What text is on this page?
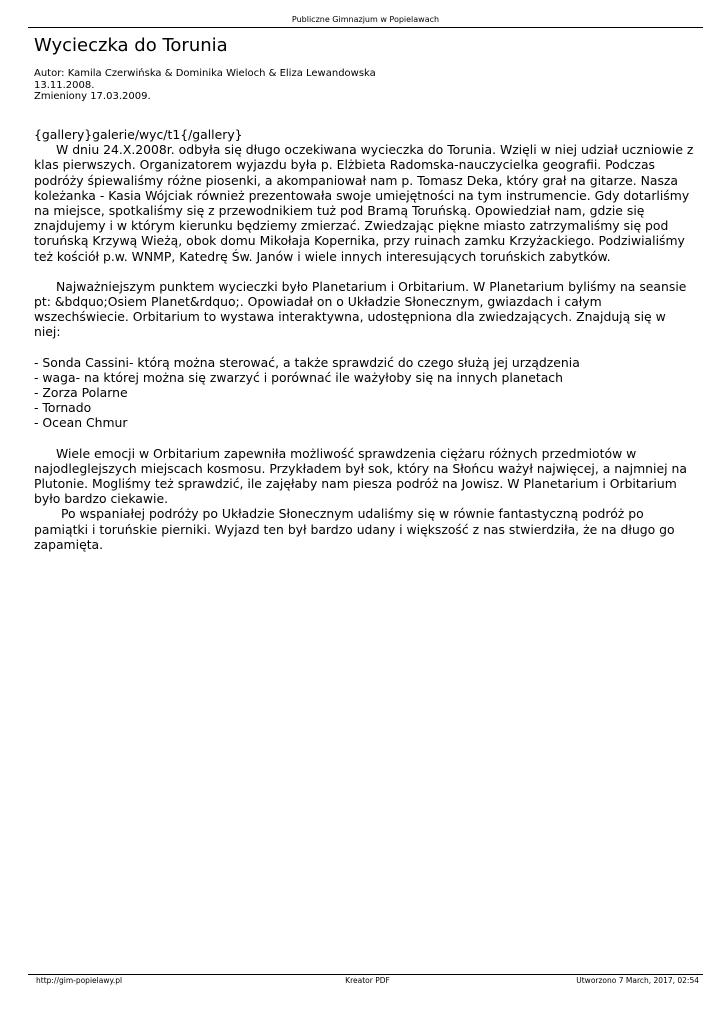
Publiczne Gimnazjum w Popielawach
Wycieczka do Torunia
Autor: Kamila Czerwińska & Dominika Wieloch & Eliza Lewandowska
13.11.2008.
Zmieniony 17.03.2009.

{gallery}galerie/wyc/t1{/gallery}

W dniu 24.X.2008r. odbyła się długo oczekiwana wycieczka do Torunia. Wzięli w niej udział uczniowie z klas pierwszych. Organizatorem wyjazdu była p. Elżbieta Radomska-nauczycielka geografii. Podczas podróży śpiewaliśmy różne piosenki, a akompaniował nam p. Tomasz Deka, który grał na gitarze. Nasza koleżanka - Kasia Wójciak również prezentowała swoje umiejętności na tym instrumencie. Gdy dotarliśmy na miejsce, spotkaliśmy się z przewodnikiem tuż pod Bramą Toruńską. Opowiedział nam, gdzie się znajdujemy i w którym kierunku będziemy zmierzać. Zwiedzając piękne miasto zatrzymaliśmy się pod toruńską Krzywą Wieżą, obok domu Mikołaja Kopernika, przy ruinach zamku Krzyżackiego. Podziwialiśmy też kościół p.w. WNMP, Katedrę Św. Janów i wiele innych interesujących toruńskich zabytków.

Najważniejszym punktem wycieczki było Planetarium i Orbitarium. W Planetarium byliśmy na seansie pt: &bdquo;Osiem Planet&rdquo;. Opowiadał on o Układzie Słonecznym, gwiazdach i całym wszechświecie. Orbitarium to wystawa interaktywna, udostępniona dla zwiedzających. Znajdują się w niej:

- Sonda Cassini- którą można sterować, a także sprawdzić do czego służą jej urządzenia
- waga- na której można się zwarzyć i porównać ile ważyłoby się na innych planetach
- Zorza Polarne
- Tornado
- Ocean Chmur

Wiele emocji w Orbitarium zapewniła możliwość sprawdzenia ciężaru różnych przedmiotów w najodleglejszych miejscach kosmosu. Przykładem był sok, który na Słońcu ważył najwięcej, a najmniej na Plutonie. Mogliśmy też sprawdzić, ile zajęłaby nam piesza podróż na Jowisz. W Planetarium i Orbitarium było bardzo ciekawie.

Po wspaniałej podróży po Układzie Słonecznym udaliśmy się w równie fantastyczną podróż po pamiątki i toruńskie pierniki. Wyjazd ten był bardzo udany i większość z nas stwierdziła, że na długo go zapamięta.

Kreator PDF
http://gim-popielawy.pl	Utworzono 7 March, 2017, 02:54
